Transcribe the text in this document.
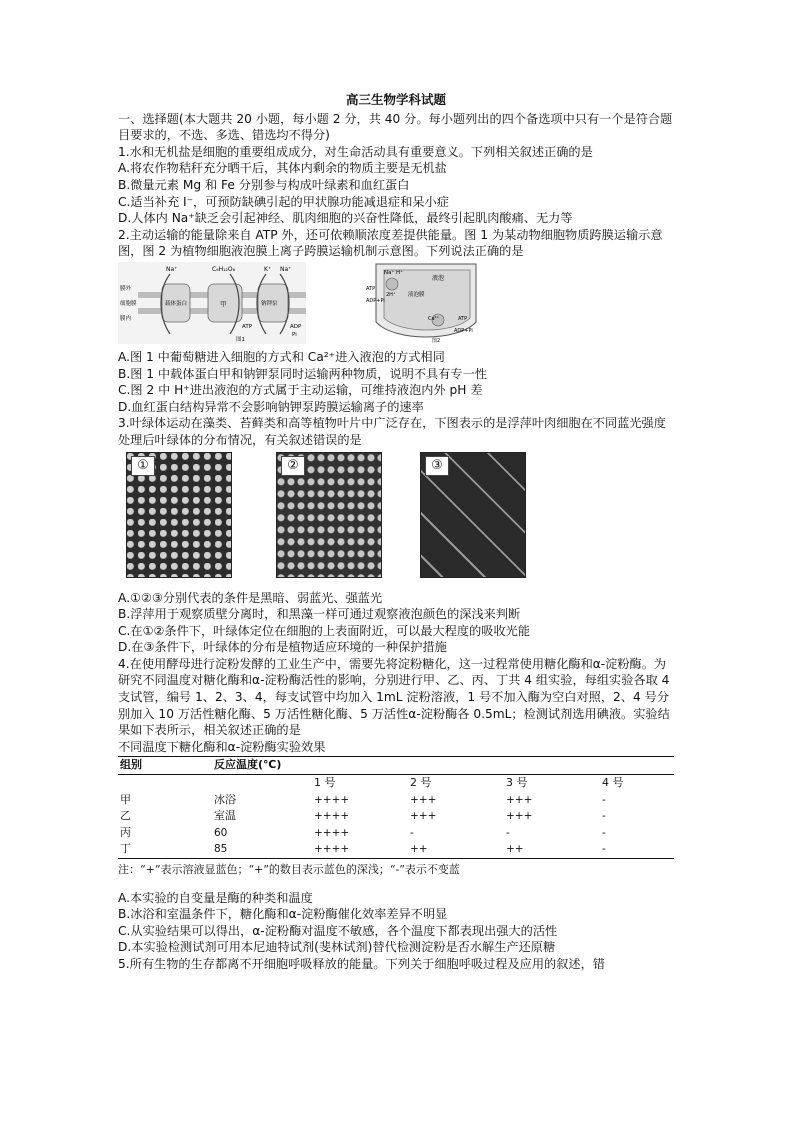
高三生物学科试题

一、选择题(本大题共 20 小题，每小题 2 分，共 40 分。每小题列出的四个备选项中只有一个是符合题目要求的，不选、多选、错选均不得分)

1.水和无机盐是细胞的重要组成成分，对生命活动具有重要意义。下列相关叙述正确的是

A.将农作物秸秆充分晒干后，其体内剩余的物质主要是无机盐

B.微量元素 Mg 和 Fe 分别参与构成叶绿素和血红蛋白

C.适当补充 I⁻，可预防缺碘引起的甲状腺功能减退症和呆小症

D.人体内 Na⁺缺乏会引起神经、肌肉细胞的兴奋性降低，最终引起肌肉酸痛、无力等

2.主动运输的能量除来自 ATP 外，还可依赖顺浓度差提供能量。图 1 为某动物细胞物质跨膜运输示意图，图 2 为植物细胞液泡膜上离子跨膜运输机制示意图。下列说法正确的是

Na⁺	C₆H₁₂O₆	K⁺ Na⁺
膜外
细胞膜
膜内
载体蛋白	甲	钠钾泵
ATP	ADP
Pi
图1
Na⁺ H⁺
ATP
ADP+Pi
2H⁺
液泡
液泡膜
Ca²⁺	ATP
ADP+Pi
图2

A.图 1 中葡萄糖进入细胞的方式和 Ca²⁺进入液泡的方式相同

B.图 1 中载体蛋白甲和钠钾泵同时运输两种物质，说明不具有专一性

C.图 2 中 H⁺进出液泡的方式属于主动运输，可维持液泡内外 pH 差

D.血红蛋白结构异常不会影响钠钾泵跨膜运输离子的速率

3.叶绿体运动在藻类、苔藓类和高等植物叶片中广泛存在，下图表示的是浮萍叶肉细胞在不同蓝光强度处理后叶绿体的分布情况，有关叙述错误的是

①	②	③

A.①②③分别代表的条件是黑暗、弱蓝光、强蓝光

B.浮萍用于观察质壁分离时，和黑藻一样可通过观察液泡颜色的深浅来判断

C.在①②条件下，叶绿体定位在细胞的上表面附近，可以最大程度的吸收光能

D.在③条件下，叶绿体的分布是植物适应环境的一种保护措施

4.在使用酵母进行淀粉发酵的工业生产中，需要先将淀粉糖化，这一过程常使用糖化酶和α-淀粉酶。为研究不同温度对糖化酶和α-淀粉酶活性的影响，分别进行甲、乙、丙、丁共 4 组实验，每组实验各取 4 支试管，编号 1、2、3、4，每支试管中均加入 1mL 淀粉溶液，1 号不加入酶为空白对照，2、4 号分别加入 10 万活性糖化酶、5 万活性糖化酶、5 万活性α-淀粉酶各 0.5mL；检测试剂选用碘液。实验结果如下表所示，相关叙述正确的是

不同温度下糖化酶和α-淀粉酶实验效果

组别	反应温度(℃)				
		1 号	2 号	3 号	4 号
甲	冰浴	++++	+++	+++	-
乙	室温	++++	+++	+++	-
丙	60	++++	-	-	-
丁	85	++++	++	++	-

注：“+”表示溶液显蓝色；“+”的数目表示蓝色的深浅；“-”表示不变蓝

A.本实验的自变量是酶的种类和温度

B.冰浴和室温条件下，糖化酶和α-淀粉酶催化效率差异不明显

C.从实验结果可以得出，α-淀粉酶对温度不敏感，各个温度下都表现出强大的活性

D.本实验检测试剂可用本尼迪特试剂(斐林试剂)替代检测淀粉是否水解生产还原糖

5.所有生物的生存都离不开细胞呼吸释放的能量。下列关于细胞呼吸过程及应用的叙述，错
